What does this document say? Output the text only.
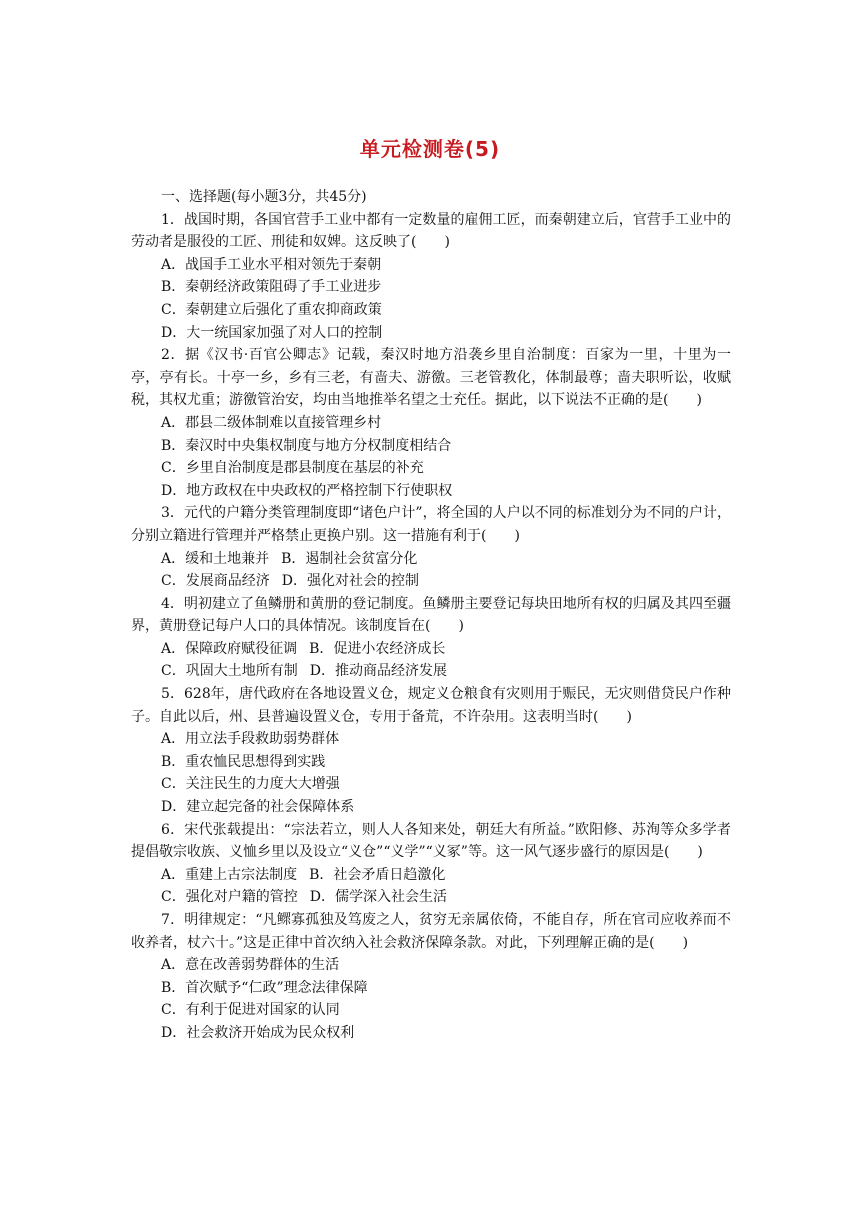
单元检测卷(5)

一、选择题(每小题3分，共45分)

1．战国时期，各国官营手工业中都有一定数量的雇佣工匠，而秦朝建立后，官营手工业中的劳动者是服役的工匠、刑徒和奴婢。这反映了(　　)

A．战国手工业水平相对领先于秦朝

B．秦朝经济政策阻碍了手工业进步

C．秦朝建立后强化了重农抑商政策

D．大一统国家加强了对人口的控制

2．据《汉书·百官公卿志》记载，秦汉时地方沿袭乡里自治制度：百家为一里，十里为一亭，亭有长。十亭一乡，乡有三老，有啬夫、游徼。三老管教化，体制最尊；啬夫职听讼，收赋税，其权尤重；游徼管治安，均由当地推举名望之士充任。据此，以下说法不正确的是(　　)

A．郡县二级体制难以直接管理乡村

B．秦汉时中央集权制度与地方分权制度相结合

C．乡里自治制度是郡县制度在基层的补充

D．地方政权在中央政权的严格控制下行使职权

3．元代的户籍分类管理制度即“诸色户计”，将全国的人户以不同的标准划分为不同的户计，分别立籍进行管理并严格禁止更换户别。这一措施有利于(　　)

A．缓和土地兼并 B．遏制社会贫富分化

C．发展商品经济 D．强化对社会的控制

4．明初建立了鱼鳞册和黄册的登记制度。鱼鳞册主要登记每块田地所有权的归属及其四至疆界，黄册登记每户人口的具体情况。该制度旨在(　　)

A．保障政府赋役征调 B．促进小农经济成长

C．巩固大土地所有制 D．推动商品经济发展

5．628年，唐代政府在各地设置义仓，规定义仓粮食有灾则用于赈民，无灾则借贷民户作种子。自此以后，州、县普遍设置义仓，专用于备荒，不许杂用。这表明当时(　　)

A．用立法手段救助弱势群体

B．重农恤民思想得到实践

C．关注民生的力度大大增强

D．建立起完备的社会保障体系

6．宋代张载提出：“宗法若立，则人人各知来处，朝廷大有所益。”欧阳修、苏洵等众多学者提倡敬宗收族、义恤乡里以及设立“义仓”“义学”“义冢”等。这一风气逐步盛行的原因是(　　)

A．重建上古宗法制度 B．社会矛盾日趋激化

C．强化对户籍的管控 D．儒学深入社会生活

7．明律规定：“凡鳏寡孤独及笃废之人，贫穷无亲属依倚，不能自存，所在官司应收养而不收养者，杖六十。”这是正律中首次纳入社会救济保障条款。对此，下列理解正确的是(　　)

A．意在改善弱势群体的生活

B．首次赋予“仁政”理念法律保障

C．有利于促进对国家的认同

D．社会救济开始成为民众权利
